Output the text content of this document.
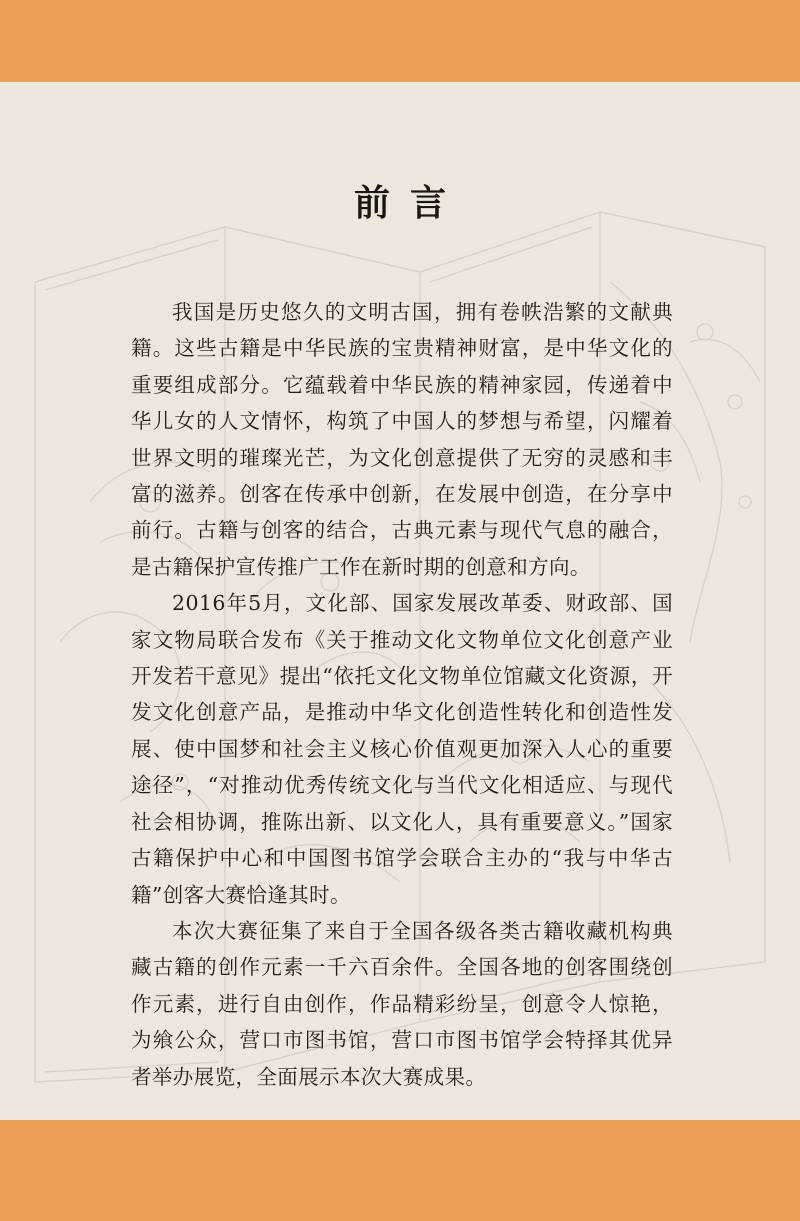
前言

我国是历史悠久的文明古国，拥有卷帙浩繁的文献典籍。这些古籍是中华民族的宝贵精神财富，是中华文化的重要组成部分。它蕴载着中华民族的精神家园，传递着中华儿女的人文情怀，构筑了中国人的梦想与希望，闪耀着世界文明的璀璨光芒，为文化创意提供了无穷的灵感和丰富的滋养。创客在传承中创新，在发展中创造，在分享中前行。古籍与创客的结合，古典元素与现代气息的融合，是古籍保护宣传推广工作在新时期的创意和方向。

2016年5月，文化部、国家发展改革委、财政部、国家文物局联合发布《关于推动文化文物单位文化创意产业开发若干意见》提出“依托文化文物单位馆藏文化资源，开发文化创意产品，是推动中华文化创造性转化和创造性发展、使中国梦和社会主义核心价值观更加深入人心的重要途径”，“对推动优秀传统文化与当代文化相适应、与现代社会相协调，推陈出新、以文化人，具有重要意义。”国家古籍保护中心和中国图书馆学会联合主办的“我与中华古籍”创客大赛恰逢其时。

本次大赛征集了来自于全国各级各类古籍收藏机构典藏古籍的创作元素一千六百余件。全国各地的创客围绕创作元素，进行自由创作，作品精彩纷呈，创意令人惊艳，为飨公众，营口市图书馆，营口市图书馆学会特择其优异者举办展览，全面展示本次大赛成果。
